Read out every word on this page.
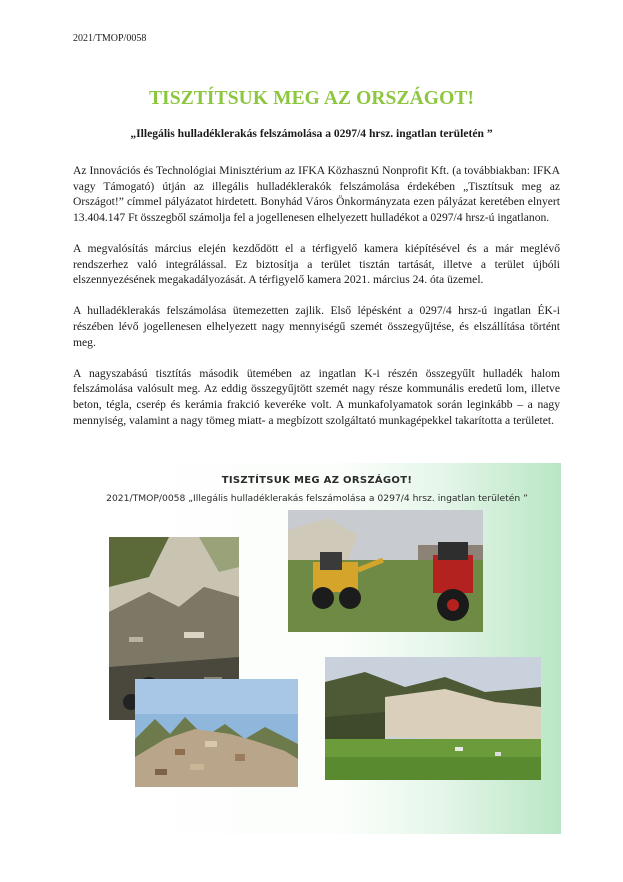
2021/TMOP/0058
TISZTÍTSUK MEG AZ ORSZÁGOT!
„Illegális hulladéklerakás felszámolása a 0297/4 hrsz. ingatlan területén ”

Az Innovációs és Technológiai Minisztérium az IFKA Közhasznú Nonprofit Kft. (a továbbiakban: IFKA vagy Támogató) útján az illegális hulladéklerakók felszámolása érdekében „Tisztítsuk meg az Országot!” címmel pályázatot hirdetett. Bonyhád Város Önkormányzata ezen pályázat keretében elnyert 13.404.147 Ft összegből számolja fel a jogellenesen elhelyezett hulladékot a 0297/4 hrsz-ú ingatlanon.

A megvalósítás március elején kezdődött el a térfigyelő kamera kiépítésével és a már meglévő rendszerhez való integrálással. Ez biztosítja a terület tisztán tartását, illetve a terület újbóli elszennyezésének megakadályozását. A térfigyelő kamera 2021. március 24. óta üzemel.

A hulladéklerakás felszámolása ütemezetten zajlik. Első lépésként a 0297/4 hrsz-ú ingatlan ÉK-i részében lévő jogellenesen elhelyezett nagy mennyiségű szemét összegyűjtése, és elszállítása történt meg.

A nagyszabású tisztítás második ütemében az ingatlan K-i részén összegyűlt hulladék halom felszámolása valósult meg. Az eddig összegyűjtött szemét nagy része kommunális eredetű lom, illetve beton, tégla, cserép és kerámia frakció keveréke volt. A munkafolyamatok során leginkább – a nagy mennyiség, valamint a nagy tömeg miatt- a megbízott szolgáltató munkagépekkel takarította a területet.

TISZTÍTSUK MEG AZ ORSZÁGOT!
2021/TMOP/0058 „Illegális hulladéklerakás felszámolása a 0297/4 hrsz. ingatlan területén ”
